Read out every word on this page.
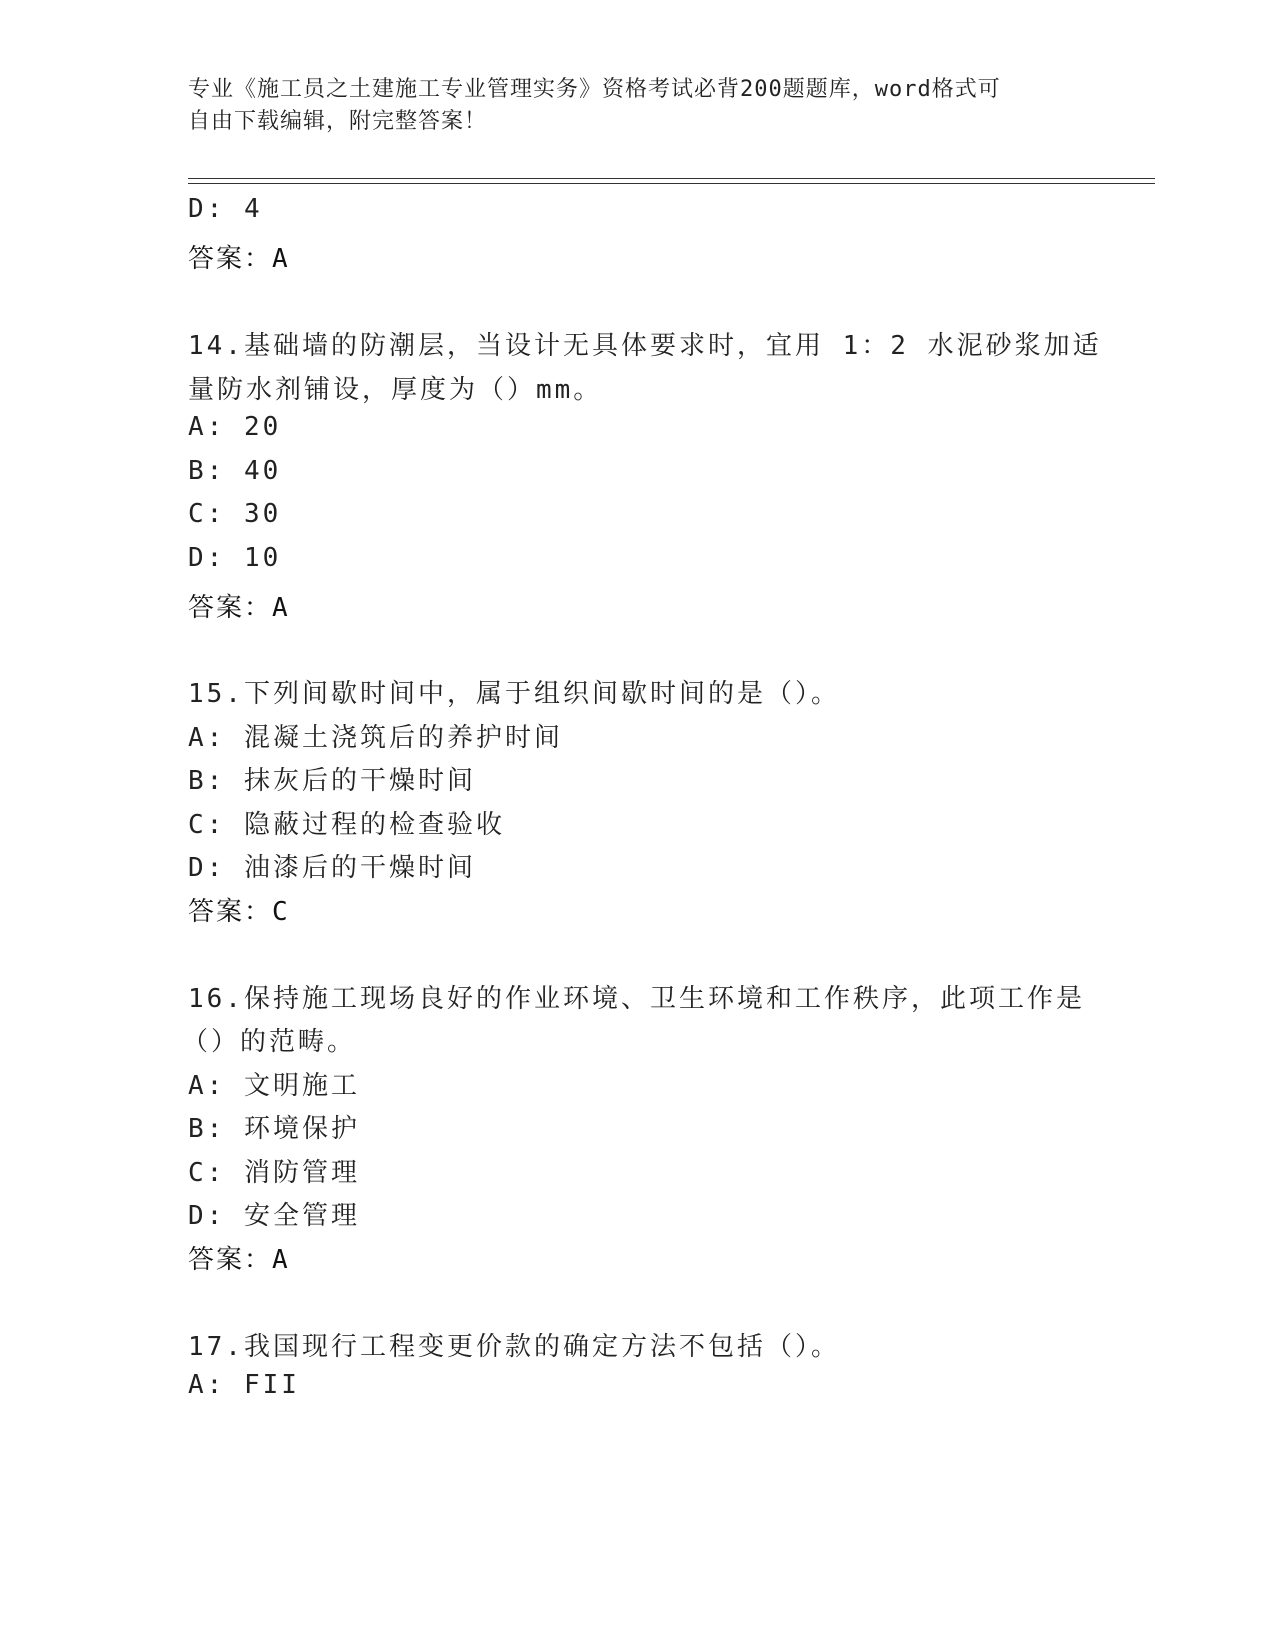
专业《施工员之土建施工专业管理实务》资格考试必背200题题库，word格式可
自由下载编辑，附完整答案！
D: 4
答案：A
14.基础墙的防潮层，当设计无具体要求时，宜用 1：2 水泥砂浆加适
量防水剂铺设，厚度为（）mm。
A: 20
B: 40
C: 30
D: 10
答案：A
15.下列间歇时间中，属于组织间歇时间的是（）。
A: 混凝土浇筑后的养护时间
B: 抹灰后的干燥时间
C: 隐蔽过程的检查验收
D: 油漆后的干燥时间
答案：C
16.保持施工现场良好的作业环境、卫生环境和工作秩序，此项工作是
（）的范畴。
A: 文明施工
B: 环境保护
C: 消防管理
D: 安全管理
答案：A
17.我国现行工程变更价款的确定方法不包括（）。
A: FII
